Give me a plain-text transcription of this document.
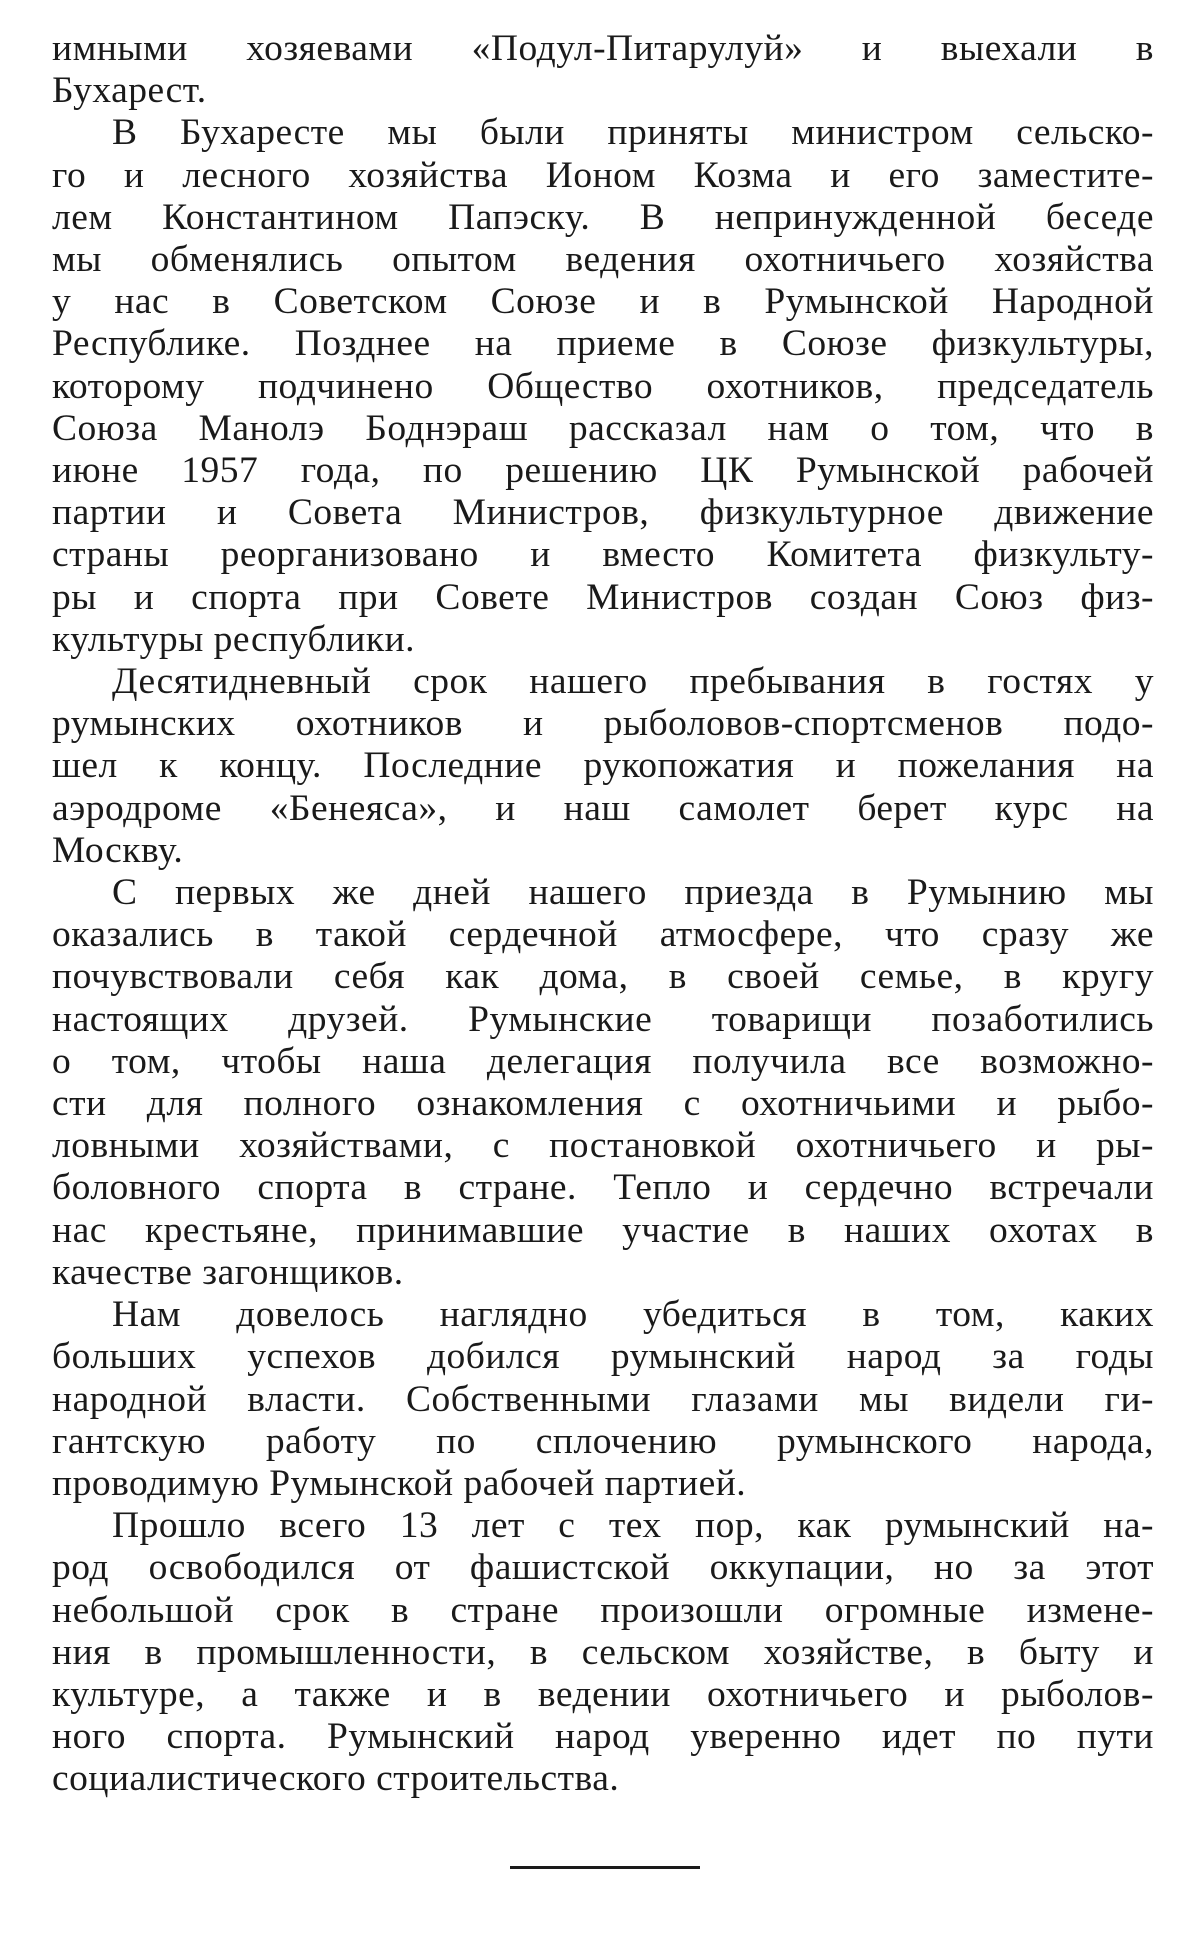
имными хозяевами «Подул-Питарулуй» и выехали в
Бухарест.

В Бухаресте мы были приняты министром сельско-
го и лесного хозяйства Ионом Козма и его заместите-
лем Константином Папэску. В непринужденной беседе
мы обменялись опытом ведения охотничьего хозяйства
у нас в Советском Союзе и в Румынской Народной
Республике. Позднее на приеме в Союзе физкультуры,
которому подчинено Общество охотников, председатель
Союза Манолэ Боднэраш рассказал нам о том, что в
июне 1957 года, по решению ЦК Румынской рабочей
партии и Совета Министров, физкультурное движение
страны реорганизовано и вместо Комитета физкульту-
ры и спорта при Совете Министров создан Союз физ-
культуры республики.

Десятидневный срок нашего пребывания в гостях у
румынских охотников и рыболовов-спортсменов подо-
шел к концу. Последние рукопожатия и пожелания на
аэродроме «Бенеяса», и наш самолет берет курс на
Москву.

С первых же дней нашего приезда в Румынию мы
оказались в такой сердечной атмосфере, что сразу же
почувствовали себя как дома, в своей семье, в кругу
настоящих друзей. Румынские товарищи позаботились
о том, чтобы наша делегация получила все возможно-
сти для полного ознакомления с охотничьими и рыбо-
ловными хозяйствами, с постановкой охотничьего и ры-
боловного спорта в стране. Тепло и сердечно встречали
нас крестьяне, принимавшие участие в наших охотах в
качестве загонщиков.

Нам довелось наглядно убедиться в том, каких
больших успехов добился румынский народ за годы
народной власти. Собственными глазами мы видели ги-
гантскую работу по сплочению румынского народа,
проводимую Румынской рабочей партией.

Прошло всего 13 лет с тех пор, как румынский на-
род освободился от фашистской оккупации, но за этот
небольшой срок в стране произошли огромные измене-
ния в промышленности, в сельском хозяйстве, в быту и
культуре, а также и в ведении охотничьего и рыболов-
ного спорта. Румынский народ уверенно идет по пути
социалистического строительства.
